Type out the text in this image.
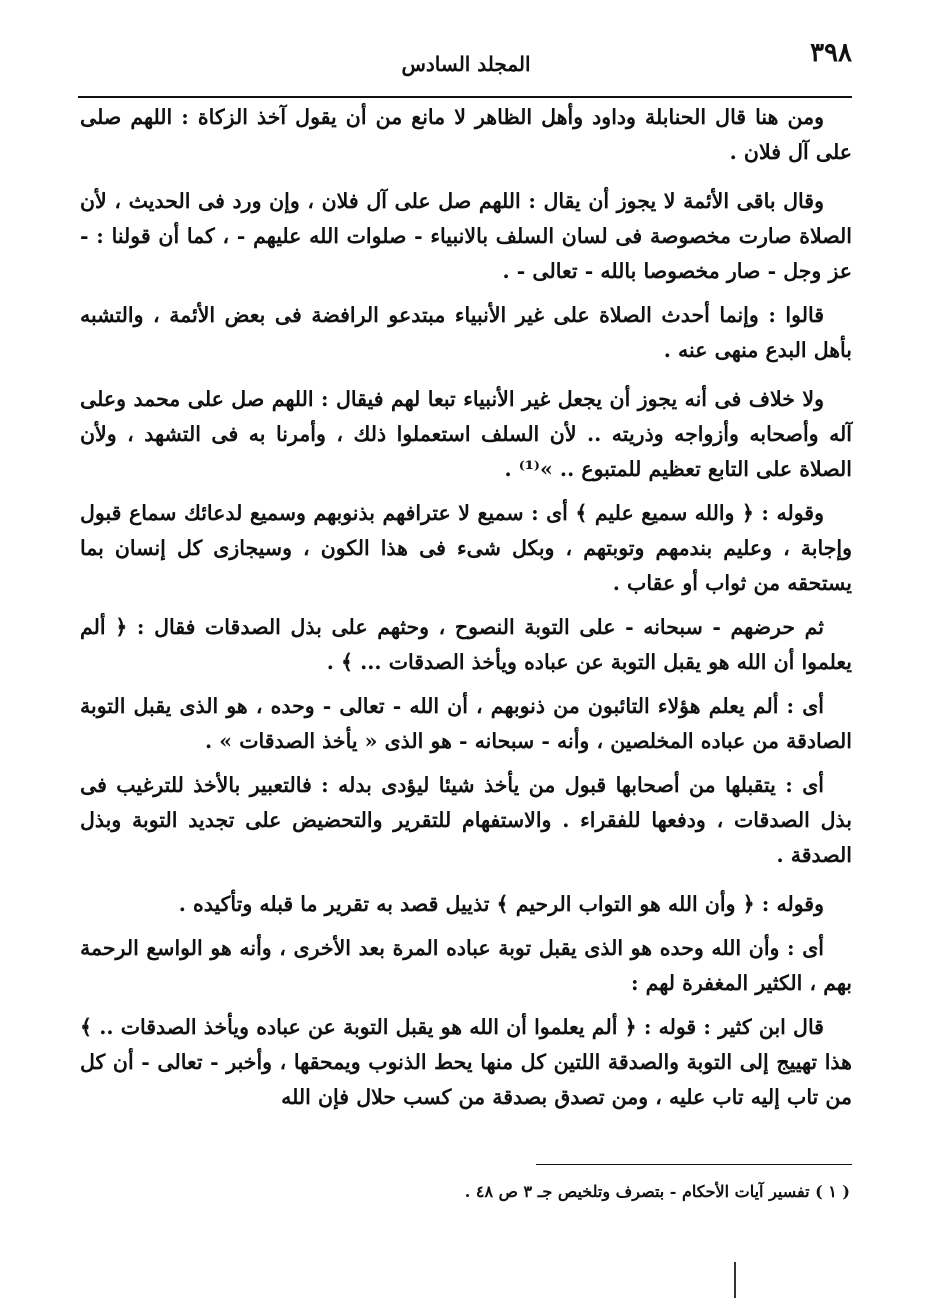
٣٩٨
المجلد السادس

ومن هنا قال الحنابلة وداود وأهل الظاهر لا مانع من أن يقول آخذ الزكاة : اللهم صلى على آل فلان .

وقال باقى الأئمة لا يجوز أن يقال : اللهم صل على آل فلان ، وإن ورد فى الحديث ، لأن الصلاة صارت مخصوصة فى لسان السلف بالانبياء - صلوات الله عليهم - ، كما أن قولنا : - عز وجل - صار مخصوصا بالله - تعالى - .

قالوا : وإنما أحدث الصلاة على غير الأنبياء مبتدعو الرافضة فى بعض الأئمة ، والتشبه بأهل البدع منهى عنه .

ولا خلاف فى أنه يجوز أن يجعل غير الأنبياء تبعا لهم فيقال : اللهم صل على محمد وعلى آله وأصحابه وأزواجه وذريته .. لأن السلف استعملوا ذلك ، وأمرنا به فى التشهد ، ولأن الصلاة على التابع تعظيم للمتبوع .. »⁽¹⁾ .

وقوله : ﴿ والله سميع عليم ﴾ أى : سميع لا عترافهم بذنوبهم وسميع لدعائك سماع قبول وإجابة ، وعليم بندمهم وتوبتهم ، وبكل شىء فى هذا الكون ، وسيجازى كل إنسان بما يستحقه من ثواب أو عقاب .

ثم حرضهم - سبحانه - على التوبة النصوح ، وحثهم على بذل الصدقات فقال : ﴿ ألم يعلموا أن الله هو يقبل التوبة عن عباده ويأخذ الصدقات ... ﴾ .

أى : ألم يعلم هؤلاء التائبون من ذنوبهم ، أن الله - تعالى - وحده ، هو الذى يقبل التوبة الصادقة من عباده المخلصين ، وأنه - سبحانه - هو الذى « يأخذ الصدقات » .

أى : يتقبلها من أصحابها قبول من يأخذ شيئا ليؤدى بدله : فالتعبير بالأخذ للترغيب فى بذل الصدقات ، ودفعها للفقراء . والاستفهام للتقرير والتحضيض على تجديد التوبة وبذل الصدقة .

وقوله : ﴿ وأن الله هو التواب الرحيم ﴾ تذييل قصد به تقرير ما قبله وتأكيده .

أى : وأن الله وحده هو الذى يقبل توبة عباده المرة بعد الأخرى ، وأنه هو الواسع الرحمة بهم ، الكثير المغفرة لهم :

قال ابن كثير : قوله : ﴿ ألم يعلموا أن الله هو يقبل التوبة عن عباده ويأخذ الصدقات .. ﴾ هذا تهييج إلى التوبة والصدقة اللتين كل منها يحط الذنوب ويمحقها ، وأخبر - تعالى - أن كل من تاب إليه تاب عليه ، ومن تصدق بصدقة من كسب حلال فإن الله

( ١ ) تفسير آيات الأحكام - بتصرف وتلخيص جـ ٣ ص ٤٨ .
